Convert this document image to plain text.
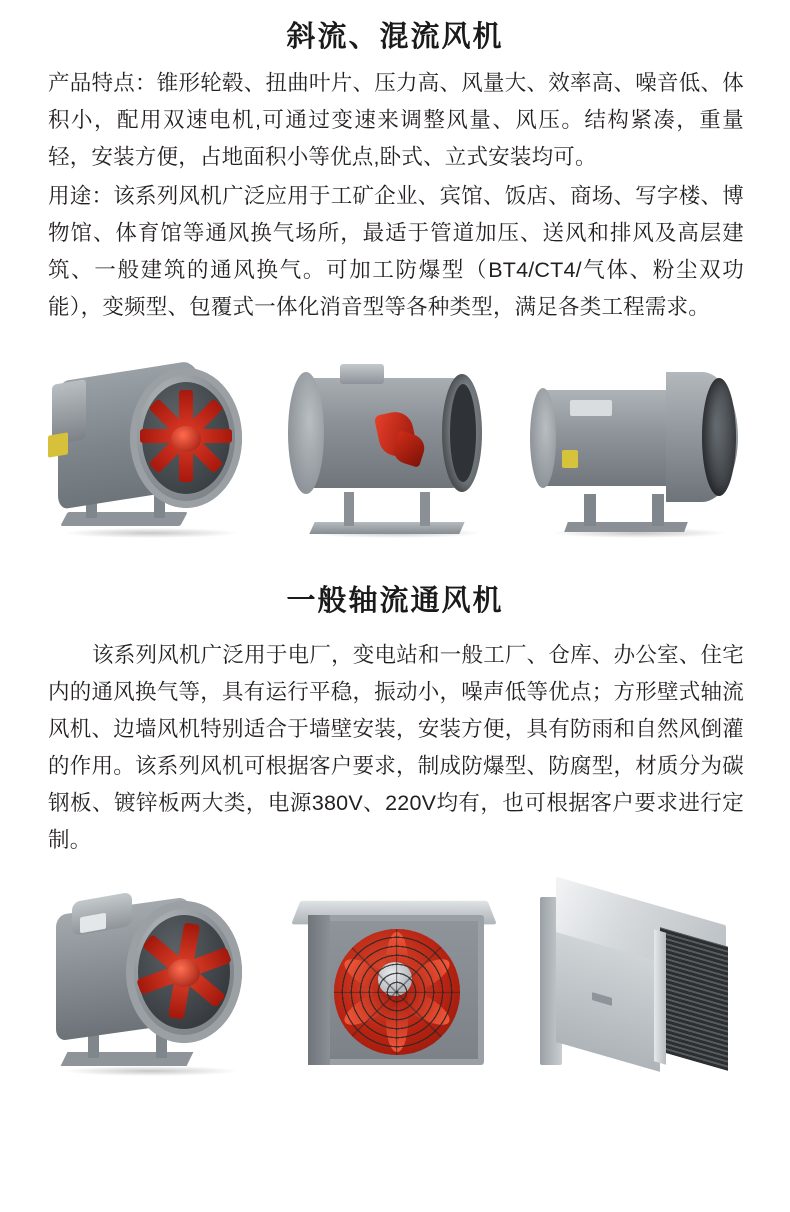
斜流、混流风机

产品特点：锥形轮毂、扭曲叶片、压力高、风量大、效率高、噪音低、体积小，配用双速电机,可通过变速来调整风量、风压。结构紧凑，重量轻，安装方便，占地面积小等优点,卧式、立式安装均可。

用途：该系列风机广泛应用于工矿企业、宾馆、饭店、商场、写字楼、博物馆、体育馆等通风换气场所，最适于管道加压、送风和排风及高层建筑、一般建筑的通风换气。可加工防爆型（BT4/CT4/气体、粉尘双功能），变频型、包覆式一体化消音型等各种类型，满足各类工程需求。

一般轴流通风机

该系列风机广泛用于电厂，变电站和一般工厂、仓库、办公室、住宅内的通风换气等，具有运行平稳，振动小，噪声低等优点；方形壁式轴流风机、边墙风机特别适合于墙壁安装，安装方便，具有防雨和自然风倒灌的作用。该系列风机可根据客户要求，制成防爆型、防腐型，材质分为碳钢板、镀锌板两大类，电源380V、220V均有，也可根据客户要求进行定制。
